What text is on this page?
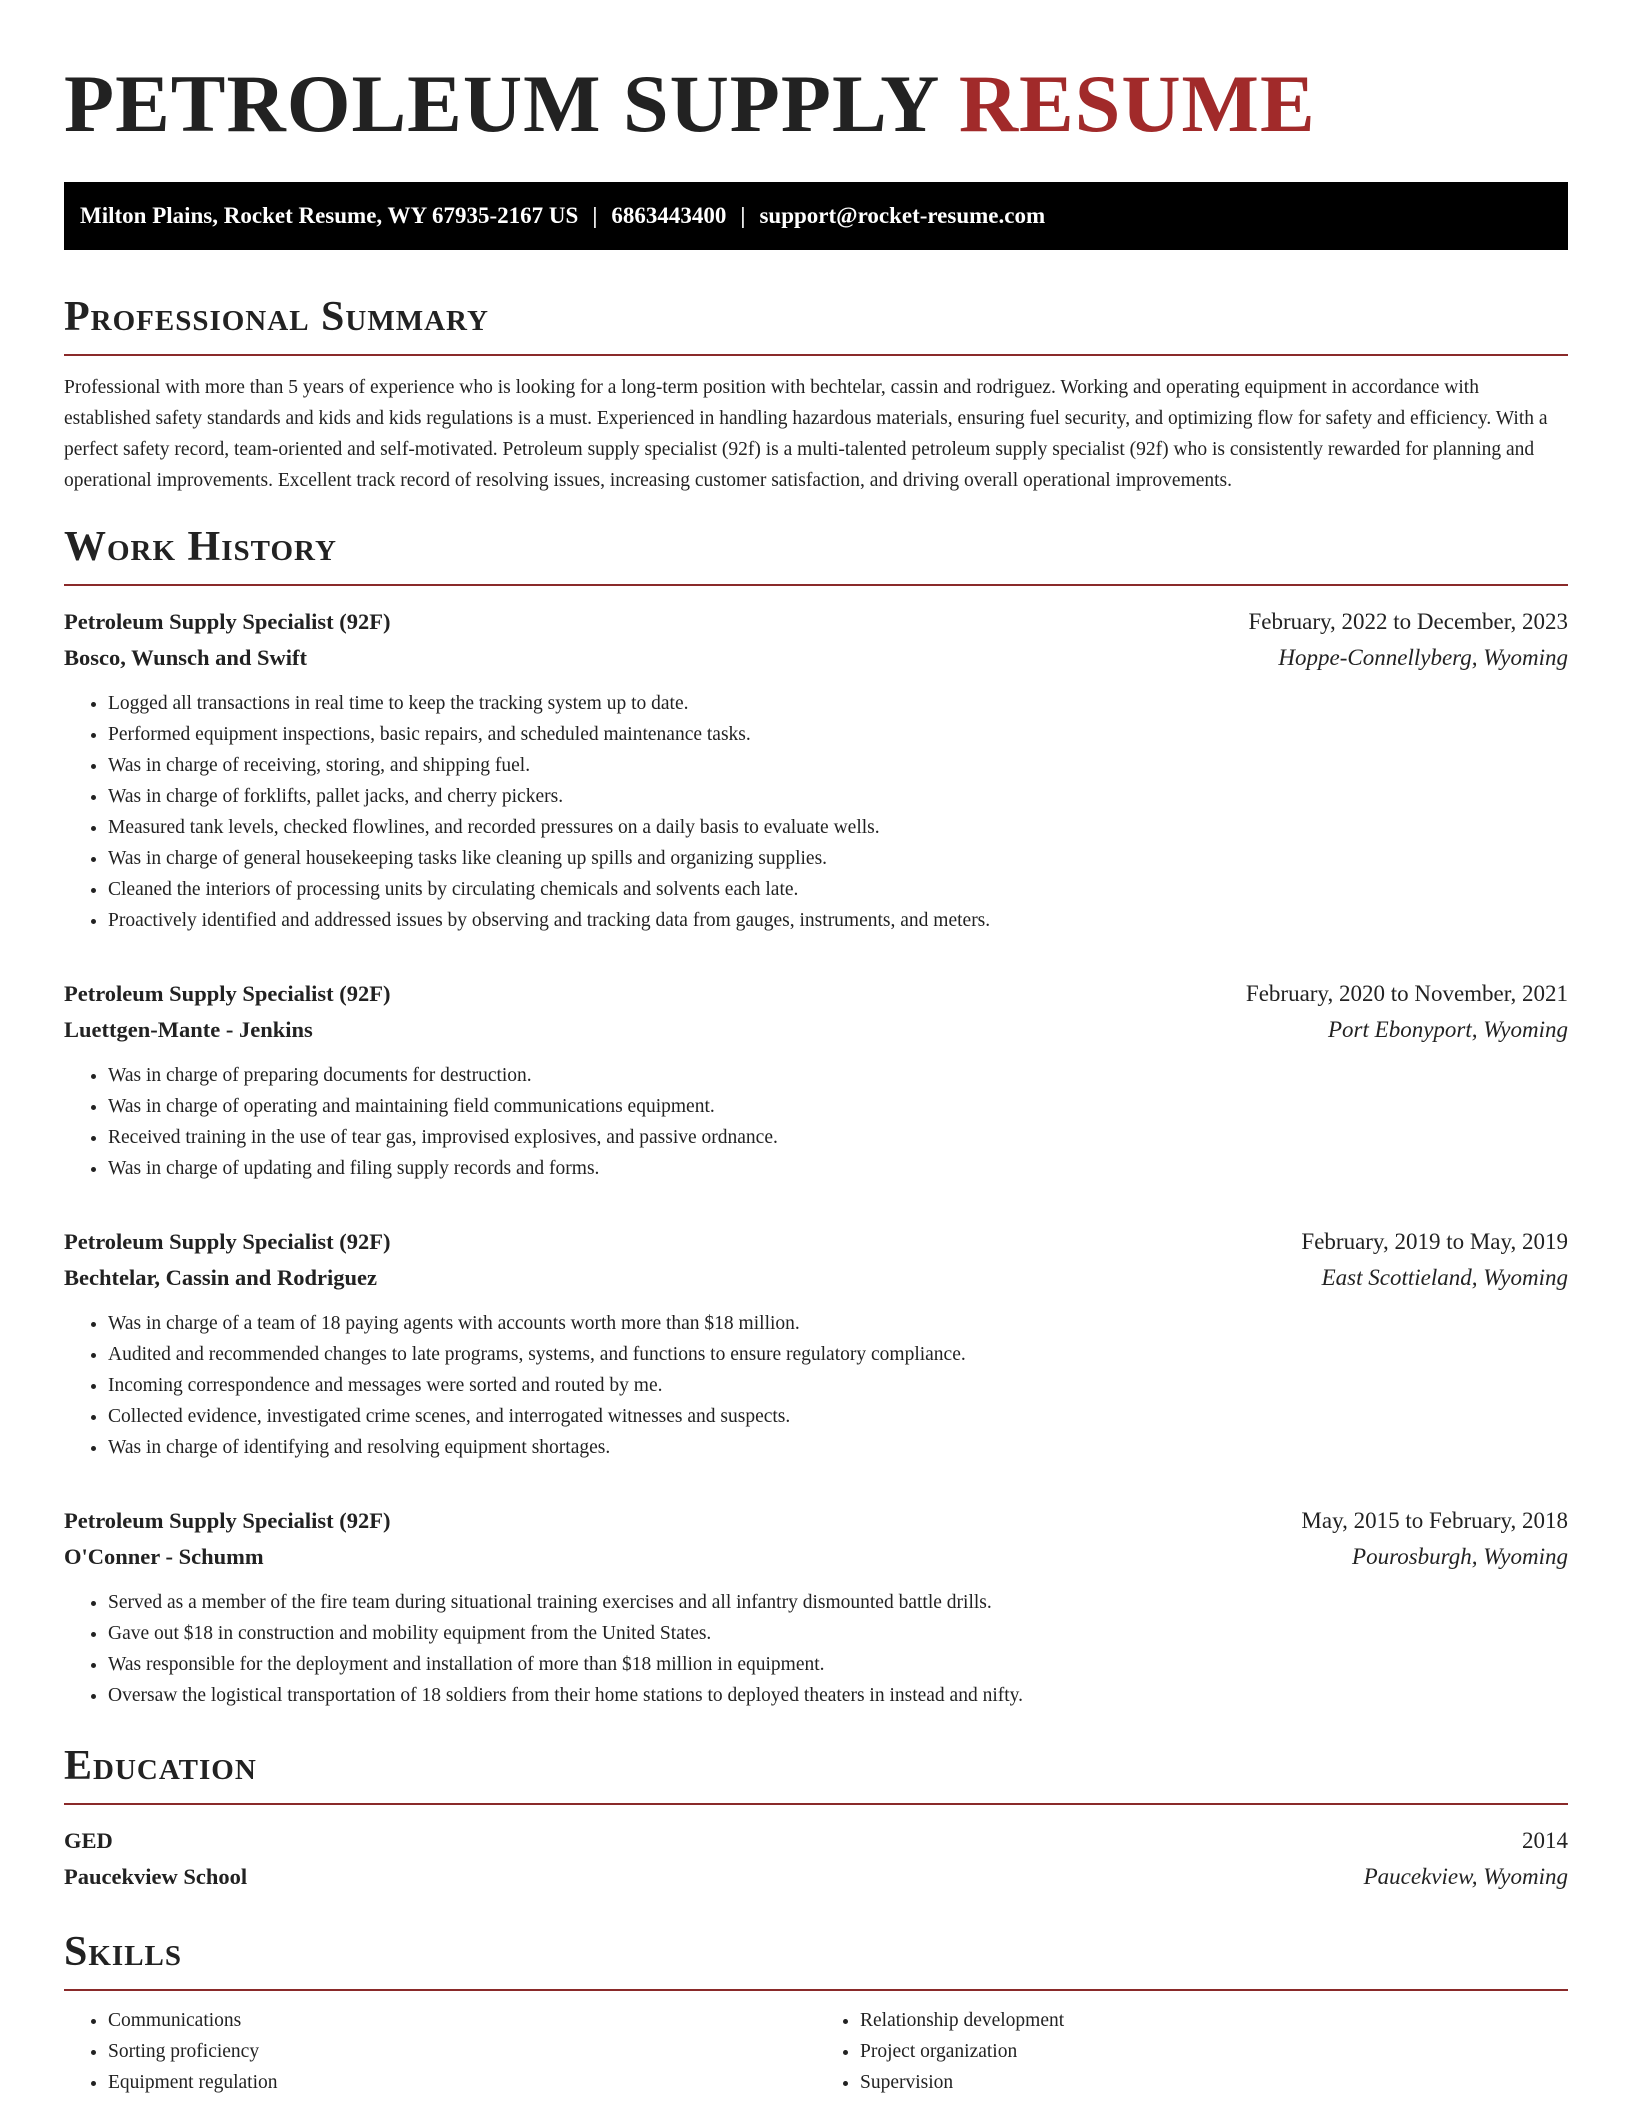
PETROLEUM SUPPLY RESUME
Milton Plains, Rocket Resume, WY 67935-2167 US | 6863443400 | support@rocket-resume.com
Professional Summary

Professional with more than 5 years of experience who is looking for a long-term position with bechtelar, cassin and rodriguez. Working and operating equipment in accordance with established safety standards and kids and kids regulations is a must. Experienced in handling hazardous materials, ensuring fuel security, and optimizing flow for safety and efficiency. With a perfect safety record, team-oriented and self-motivated. Petroleum supply specialist (92f) is a multi-talented petroleum supply specialist (92f) who is consistently rewarded for planning and operational improvements. Excellent track record of resolving issues, increasing customer satisfaction, and driving overall operational improvements.

Work History
Petroleum Supply Specialist (92F)	February, 2022 to December, 2023
Bosco, Wunsch and Swift	Hoppe-Connellyberg, Wyoming
• Logged all transactions in real time to keep the tracking system up to date.
• Performed equipment inspections, basic repairs, and scheduled maintenance tasks.
• Was in charge of receiving, storing, and shipping fuel.
• Was in charge of forklifts, pallet jacks, and cherry pickers.
• Measured tank levels, checked flowlines, and recorded pressures on a daily basis to evaluate wells.
• Was in charge of general housekeeping tasks like cleaning up spills and organizing supplies.
• Cleaned the interiors of processing units by circulating chemicals and solvents each late.
• Proactively identified and addressed issues by observing and tracking data from gauges, instruments, and meters.
Petroleum Supply Specialist (92F)	February, 2020 to November, 2021
Luettgen-Mante - Jenkins	Port Ebonyport, Wyoming
• Was in charge of preparing documents for destruction.
• Was in charge of operating and maintaining field communications equipment.
• Received training in the use of tear gas, improvised explosives, and passive ordnance.
• Was in charge of updating and filing supply records and forms.
Petroleum Supply Specialist (92F)	February, 2019 to May, 2019
Bechtelar, Cassin and Rodriguez	East Scottieland, Wyoming
• Was in charge of a team of 18 paying agents with accounts worth more than $18 million.
• Audited and recommended changes to late programs, systems, and functions to ensure regulatory compliance.
• Incoming correspondence and messages were sorted and routed by me.
• Collected evidence, investigated crime scenes, and interrogated witnesses and suspects.
• Was in charge of identifying and resolving equipment shortages.
Petroleum Supply Specialist (92F)	May, 2015 to February, 2018
O'Conner - Schumm	Pourosburgh, Wyoming
• Served as a member of the fire team during situational training exercises and all infantry dismounted battle drills.
• Gave out $18 in construction and mobility equipment from the United States.
• Was responsible for the deployment and installation of more than $18 million in equipment.
• Oversaw the logistical transportation of 18 soldiers from their home stations to deployed theaters in instead and nifty.
Education
GED	2014
Paucekview School	Paucekview, Wyoming
Skills
• Communications
• Sorting proficiency
• Equipment regulation
• Relationship development
• Project organization
• Supervision
